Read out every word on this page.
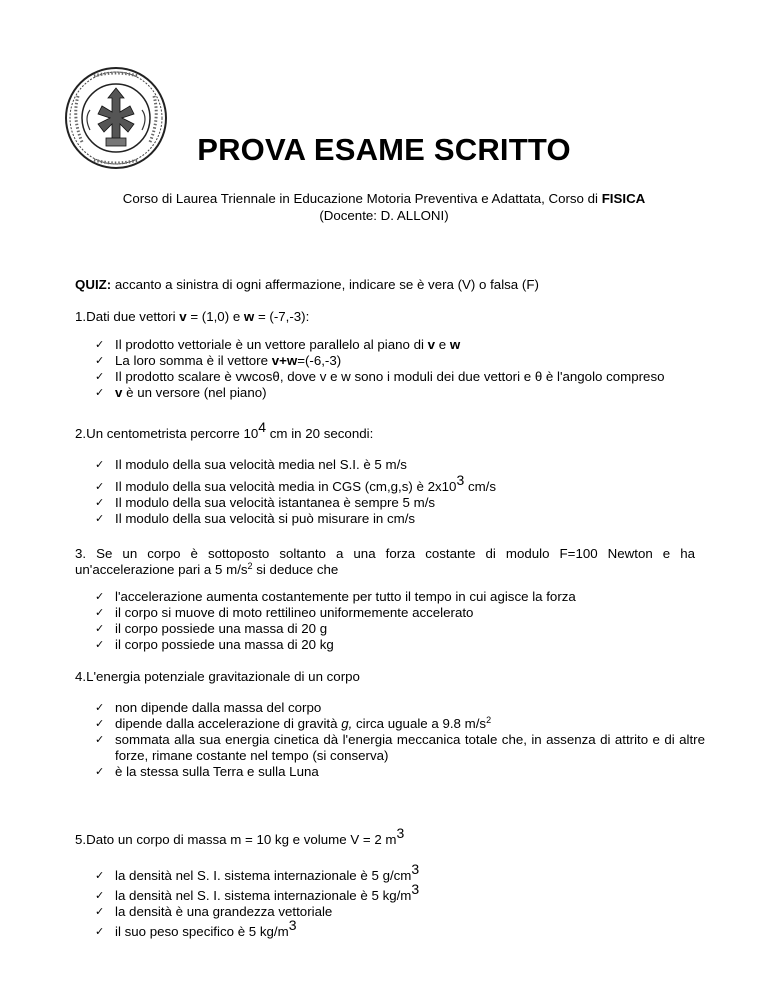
PROVA ESAME SCRITTO
Corso di Laurea Triennale in Educazione Motoria Preventiva e Adattata, Corso di FISICA
(Docente: D. ALLONI)
QUIZ: accanto a sinistra di ogni affermazione, indicare se è vera (V) o falsa (F)
1.Dati due vettori v = (1,0) e w = (-7,-3):
✓ Il prodotto vettoriale è un vettore parallelo al piano di v e w
✓ La loro somma è il vettore v+w=(-6,-3)
✓ Il prodotto scalare è vwcosθ, dove v e w sono i moduli dei due vettori e θ è l'angolo compreso
✓ v è un versore (nel piano)
2.Un centometrista percorre $10^4$ cm in 20 secondi:
✓ Il modulo della sua velocità media nel S.I. è 5 m/s
✓ Il modulo della sua velocità media in CGS (cm,g,s) è $2x10^3$ cm/s
✓ Il modulo della sua velocità istantanea è sempre 5 m/s
✓ Il modulo della sua velocità si può misurare in cm/s
3. Se un corpo è sottoposto soltanto a una forza costante di modulo F=100 Newton e ha un'accelerazione pari a 5 $m/s^2$ si deduce che
✓ l'accelerazione aumenta costantemente per tutto il tempo in cui agisce la forza
✓ il corpo si muove di moto rettilineo uniformemente accelerato
✓ il corpo possiede una massa di 20 g
✓ il corpo possiede una massa di 20 kg
4.L'energia potenziale gravitazionale di un corpo
✓ non dipende dalla massa del corpo
✓ dipende dalla accelerazione di gravità g, circa uguale a 9.8 $m/s^2$
✓ sommata alla sua energia cinetica dà l'energia meccanica totale che, in assenza di attrito e di altre forze, rimane costante nel tempo (si conserva)
✓ è la stessa sulla Terra e sulla Luna
5.Dato un corpo di massa m = 10 kg e volume V = 2 $m^3$
✓ la densità nel S. I. sistema internazionale è 5 $g/cm^3$
✓ la densità nel S. I. sistema internazionale è 5 $kg/m^3$
✓ la densità è una grandezza vettoriale
✓ il suo peso specifico è 5 $kg/m^3$
